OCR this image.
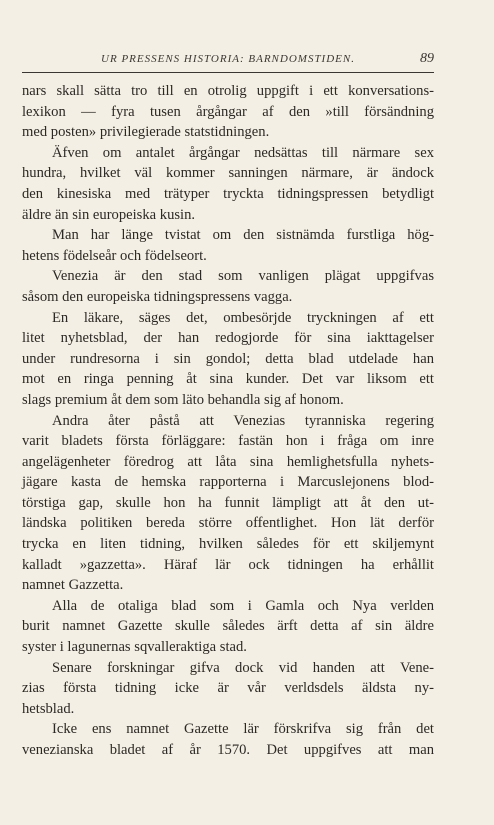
UR PRESSENS HISTORIA: BARNDOMSTIDEN.	89
nars skall sätta tro till en otrolig uppgift i ett konversations-
lexikon — fyra tusen årgångar af den »till försändning
med posten» privilegierade statstidningen.
Äfven om antalet årgångar nedsättas till närmare sex
hundra, hvilket väl kommer sanningen närmare, är ändock
den kinesiska med trätyper tryckta tidningspressen betydligt
äldre än sin europeiska kusin.
Man har länge tvistat om den sistnämda furstliga hög-
hetens födelseår och födelseort.
Venezia är den stad som vanligen plägat uppgifvas
såsom den europeiska tidningspressens vagga.
En läkare, säges det, ombesörjde tryckningen af ett
litet nyhetsblad, der han redogjorde för sina iakttagelser
under rundresorna i sin gondol; detta blad utdelade han
mot en ringa penning åt sina kunder. Det var liksom ett
slags premium åt dem som läto behandla sig af honom.
Andra åter påstå att Venezias tyranniska regering
varit bladets första förläggare: fastän hon i fråga om inre
angelägenheter föredrog att låta sina hemlighetsfulla nyhets-
jägare kasta de hemska rapporterna i Marcuslejonens blod-
törstiga gap, skulle hon ha funnit lämpligt att åt den ut-
ländska politiken bereda större offentlighet. Hon lät derför
trycka en liten tidning, hvilken således för ett skiljemynt
kalladt »gazzetta». Häraf lär ock tidningen ha erhållit
namnet Gazzetta.
Alla de otaliga blad som i Gamla och Nya verlden
burit namnet Gazette skulle således ärft detta af sin äldre
syster i lagunernas sqvalleraktiga stad.
Senare forskningar gifva dock vid handen att Vene-
zias första tidning icke är vår verldsdels äldsta ny-
hetsblad.
Icke ens namnet Gazette lär förskrifva sig från det
venezianska bladet af år 1570. Det uppgifves att man
